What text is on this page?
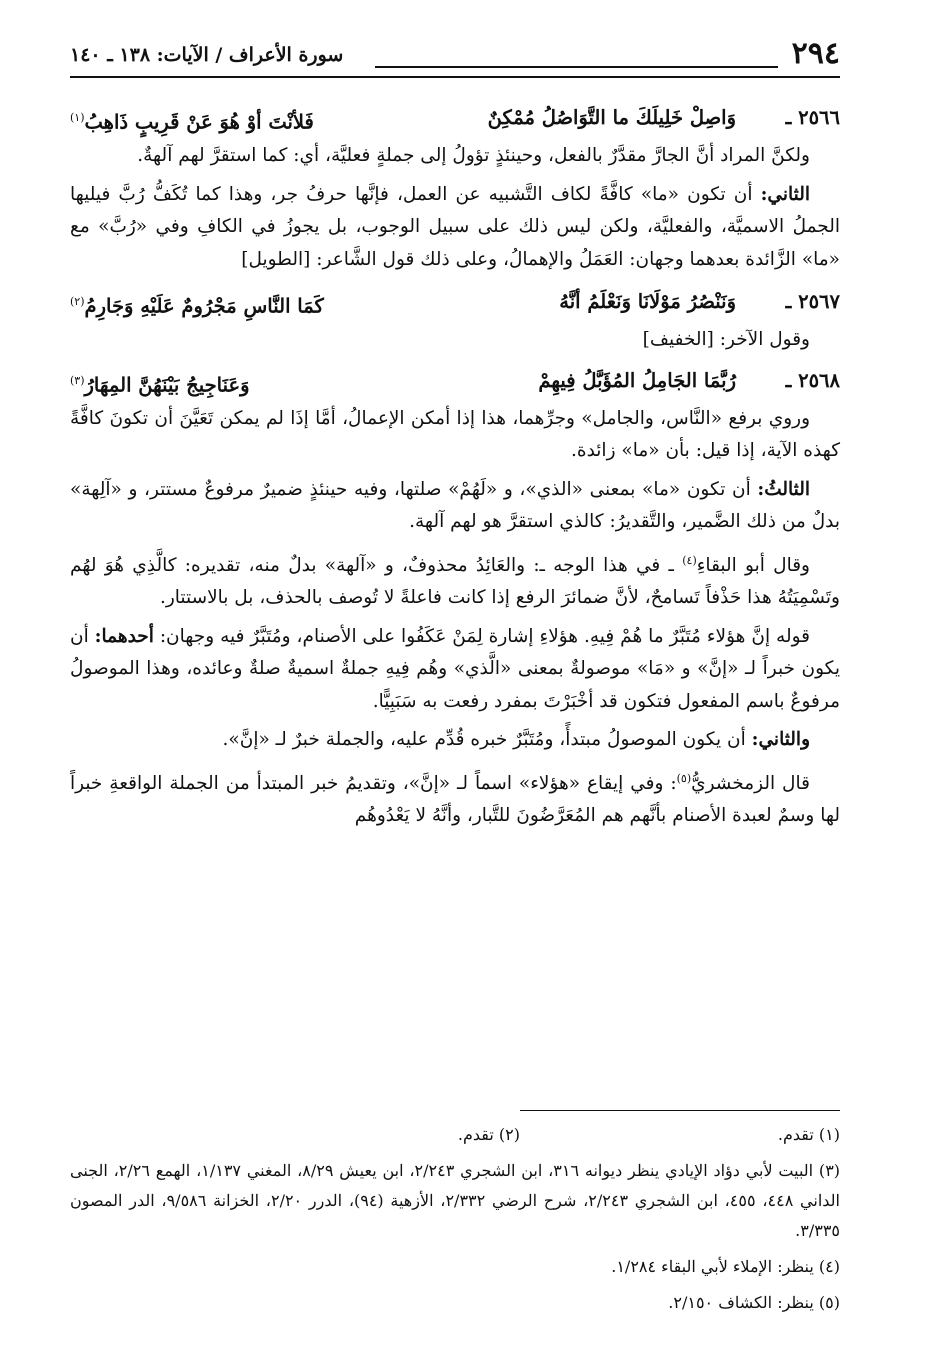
٢٩٤
سورة الأعراف / الآيات: ١٣٨ ـ ١٤٠
٢٥٦٦ ـ
وَاصِلْ خَلِيلَكَ ما التَّوَاصُلُ مُمْكِنٌ
فَلأنْتَ أوْ هُوَ عَنْ قَرِيبٍ ذَاهِبُ$^{(١)}$

ولكنَّ المراد أنَّ الجارَّ مقدَّرٌ بالفعل، وحينئذٍ تؤولُ إلى جملةٍ فعليَّة، أي: كما استقرَّ لهم آلهةٌ.

الثاني: أن تكون «ما» كافَّةً لكاف التَّشبيه عن العمل، فإنَّها حرفُ جر، وهذا كما تُكَفُّ رُبَّ فيليها الجملُ الاسميَّة، والفعليَّة، ولكن ليس ذلك على سبيل الوجوب، بل يجوزُ في الكافِ وفي «رُبَّ» مع «ما» الزَّائدة بعدهما وجهان: العَمَلُ والإهمالُ، وعلى ذلك قول الشَّاعر: [الطويل]

٢٥٦٧ ـ
وَنَنْصُرُ مَوْلَانَا وَنَعْلَمُ أنَّهُ
كَمَا النَّاسِ مَجْرُومٌ عَلَيْهِ وَجَارِمُ$^{(٢)}$

وقول الآخر: [الخفيف]

٢٥٦٨ ـ
رُبَّمَا الجَامِلُ المُؤَبَّلُ فِيهِمْ
وَعَنَاجِيجُ بَيْنَهُنَّ المِهَارُ$^{(٣)}$

وروي برفع «النَّاس، والجامل» وجرِّهما، هذا إذا أمكن الإعمالُ، أمَّا إذَا لم يمكن تَعَيَّنَ أن تكونَ كافَّةً كهذه الآية، إذا قيل: بأن «ما» زائدة.

الثالثُ: أن تكون «ما» بمعنى «الذي»، و «لَهُمْ» صلتها، وفيه حينئذٍ ضميرٌ مرفوعٌ مستتر، و «آلِهة» بدلٌ من ذلك الضَّمير، والتَّقديرُ: كالذي استقرَّ هو لهم آلهة.

وقال أبو البقاءِ$^{(٤)}$ ـ في هذا الوجه ـ: والعَائِدُ محذوفٌ، و «آلهة» بدلٌ منه، تقديره: كالَّذِي هُوَ لهُم وتَسْمِيَتُهُ هذا حَذْفاً تَسامحٌ، لأنَّ ضمائرَ الرفع إذا كانت فاعلةً لا تُوصف بالحذف، بل بالاستتار.

قوله إنَّ هؤلاء مُتَبَّرٌ ما هُمْ فِيهِ. هؤلاءِ إشارة لِمَنْ عَكَفُوا على الأصنام، ومُتَبَّرٌ فيه وجهان: أحدهما: أن يكون خبراً لـ «إنَّ» و «مَا» موصولةٌ بمعنى «الَّذي» وهُم فِيهِ جملةٌ اسميةٌ صلةٌ وعائده، وهذا الموصولُ مرفوعٌ باسم المفعول فتكون قد أخْبَرْتَ بمفرد رفعت به سَبَبِيًّا.

والثاني: أن يكون الموصولُ مبتدأً، ومُتَبَّرٌ خبره قُدِّم عليه، والجملة خبرٌ لـ «إنَّ».

قال الزمخشريُّ$^{(٥)}$: وفي إيقاع «هؤلاء» اسماً لـ «إنَّ»، وتقديمُ خبر المبتدأ من الجملة الواقعةِ خبراً لها وسمٌ لعبدة الأصنام بأنَّهم هم المُعَرَّضُونَ للتَّبار، وأنَّهُ لا يَعْدُوهُم

(١) تقدم.
(٢) تقدم.

(٣) البيت لأبي دؤاد الإيادي ينظر ديوانه ٣١٦، ابن الشجري ٢/٢٤٣، ابن يعيش ٨/٢٩، المغني ١/١٣٧، الهمع ٢/٢٦، الجنى الداني ٤٤٨، ٤٥٥، ابن الشجري ٢/٢٤٣، شرح الرضي ٢/٣٣٢، الأزهية (٩٤)، الدرر ٢/٢٠، الخزانة ٩/٥٨٦، الدر المصون ٣/٣٣٥.

(٤) ينظر: الإملاء لأبي البقاء ١/٢٨٤.

(٥) ينظر: الكشاف ٢/١٥٠.
